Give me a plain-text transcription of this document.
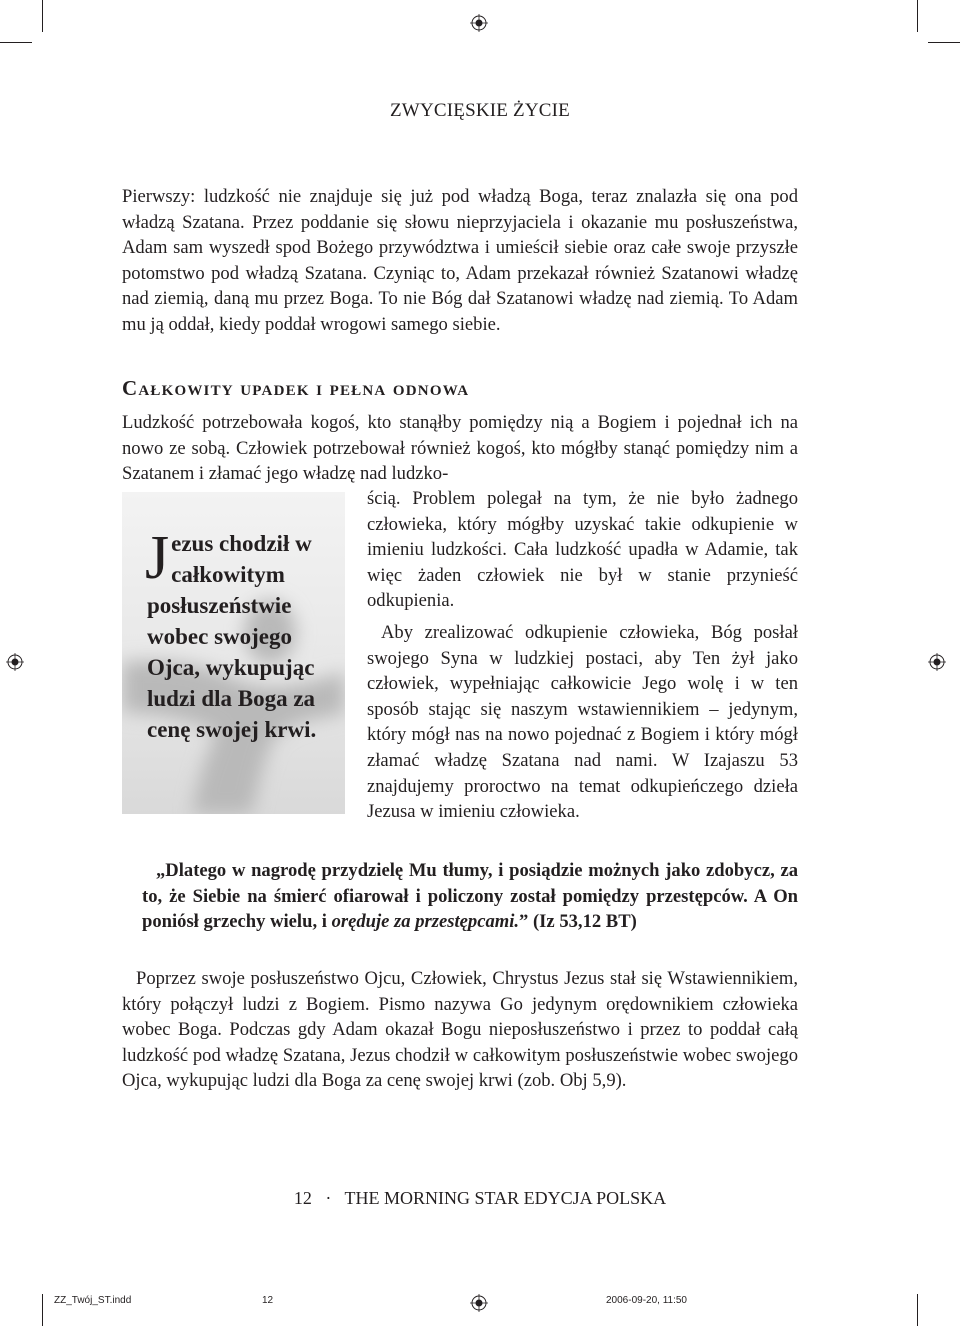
ZWYCIĘSKIE ŻYCIE

Pierwszy: ludzkość nie znajduje się już pod władzą Boga, teraz znalazła się ona pod władzą Szatana. Przez poddanie się słowu nieprzyjaciela i okazanie mu posłuszeństwa, Adam sam wyszedł spod Bożego przywództwa i umieścił siebie oraz całe swoje przyszłe potomstwo pod władzą Szatana. Czyniąc to, Adam przekazał również Szatanowi władzę nad ziemią, daną mu przez Boga. To nie Bóg dał Szatanowi władzę nad ziemią. To Adam mu ją oddał, kiedy poddał wrogowi samego siebie.

Całkowity upadek i pełna odnowa

Ludzkość potrzebowała kogoś, kto stanąłby pomiędzy nią a Bogiem i pojednał ich na nowo ze sobą. Człowiek potrzebował również kogoś, kto mógłby stanąć pomiędzy nim a Szatanem i złamać jego władzę nad ludzko-

Jezus chodził w całkowitym posłuszeństwie wobec swojego Ojca, wykupując ludzi dla Boga za cenę swojej krwi.

ścią. Problem polegał na tym, że nie było żadnego człowieka, który mógłby uzyskać takie odkupienie w imieniu ludzkości. Cała ludzkość upadła w Adamie, tak więc żaden człowiek nie był w stanie przynieść odkupienia.

Aby zrealizować odkupienie człowieka, Bóg posłał swojego Syna w ludzkiej postaci, aby Ten żył jako człowiek, wypełniając całkowicie Jego wolę i w ten sposób stając się naszym wstawiennikiem – jedynym, który mógł nas na nowo pojednać z Bogiem i który mógł złamać władzę Szatana nad nami. W Izajaszu 53 znajdujemy proroctwo na temat odkupieńczego dzieła Jezusa w imieniu człowieka.

„Dlatego w nagrodę przydzielę Mu tłumy, i posiądzie możnych jako zdobycz, za to, że Siebie na śmierć ofiarował i policzony został pomiędzy przestępców. A On poniósł grzechy wielu, i oręduje za przestępcami.” (Iz 53,12 BT)

Poprzez swoje posłuszeństwo Ojcu, Człowiek, Chrystus Jezus stał się Wstawiennikiem, który połączył ludzi z Bogiem. Pismo nazywa Go jedynym orędownikiem człowieka wobec Boga. Podczas gdy Adam okazał Bogu nieposłuszeństwo i przez to poddał całą ludzkość pod władzę Szatana, Jezus chodził w całkowitym posłuszeństwie wobec swojego Ojca, wykupując ludzi dla Boga za cenę swojej krwi (zob. Obj 5,9).

12 · THE MORNING STAR EDYCJA POLSKA
ZZ_Twój_ST.indd	12	2006-09-20, 11:50
